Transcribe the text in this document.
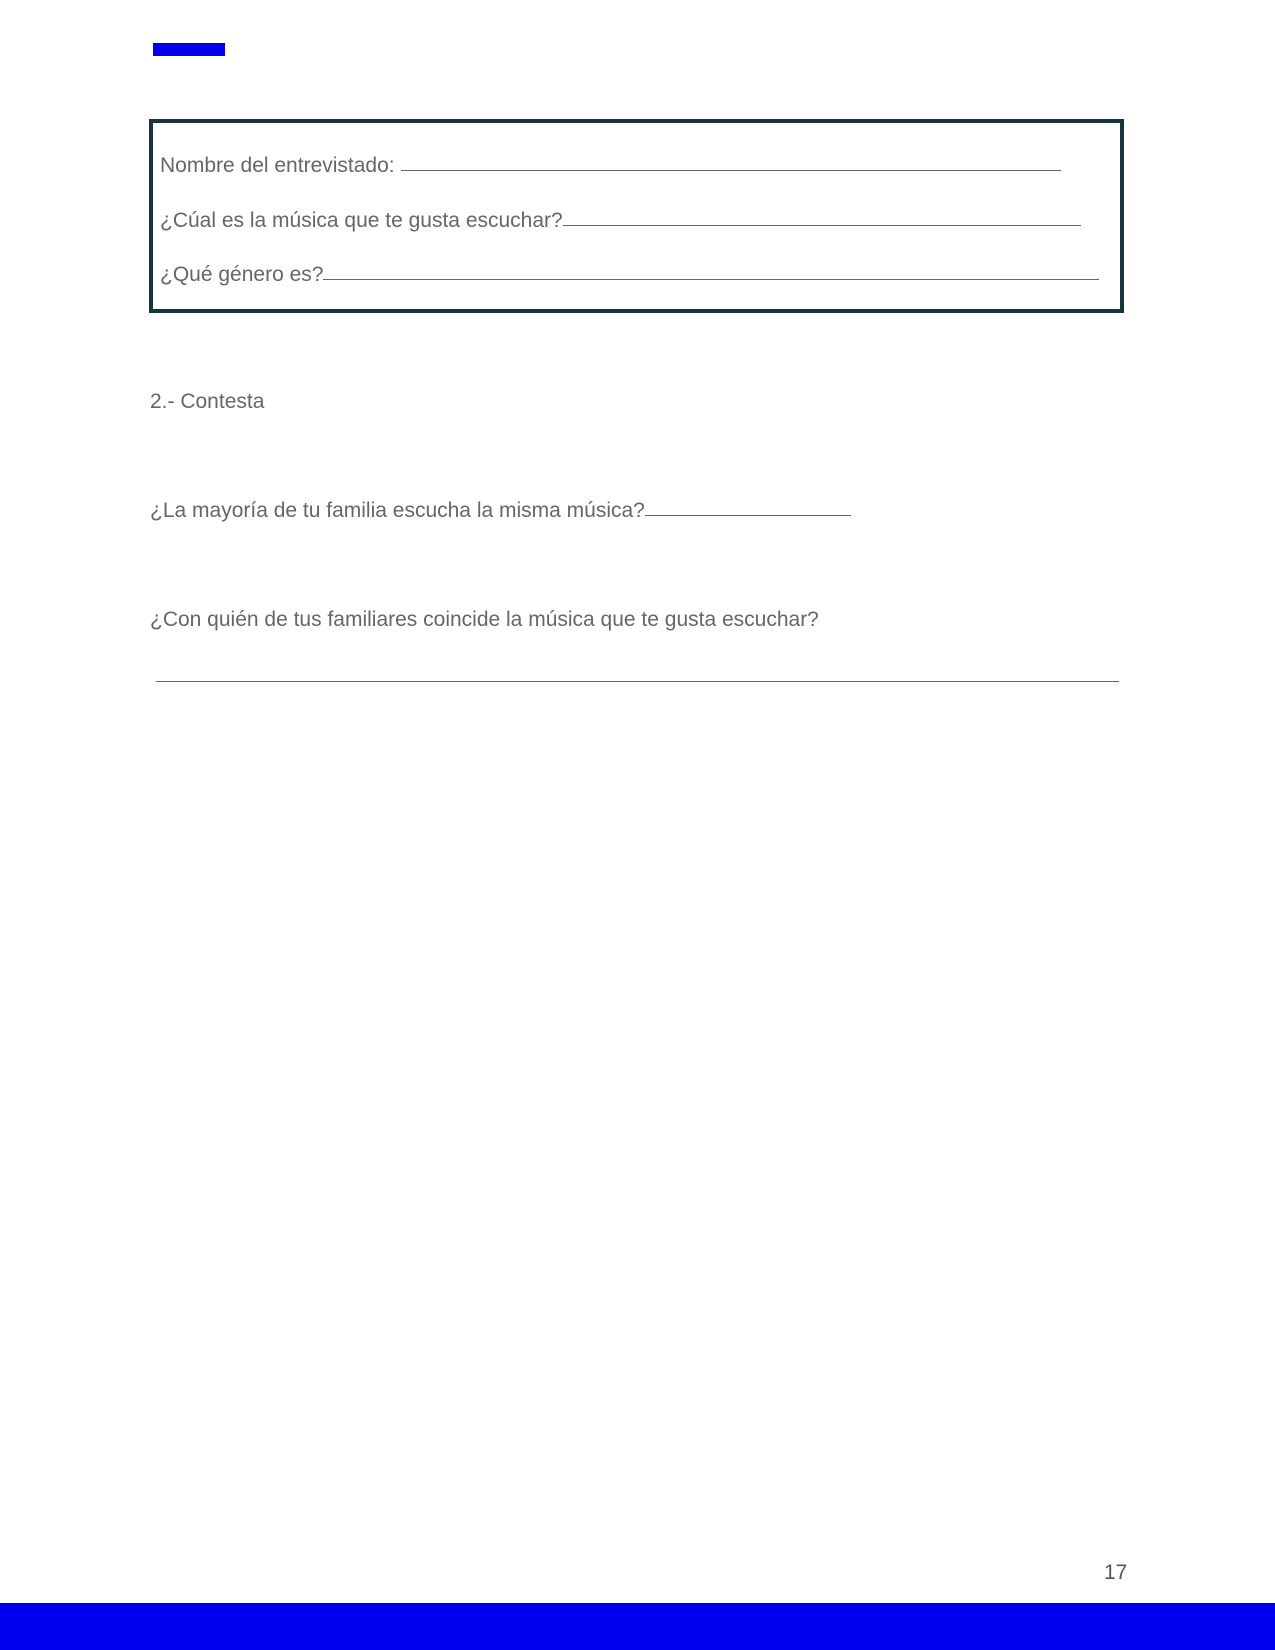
Nombre del entrevistado:
¿Cúal es la música que te gusta escuchar?
¿Qué género es?
2.- Contesta
¿La mayoría de tu familia escucha la misma música?
¿Con quién de tus familiares coincide la música que te gusta escuchar?
17
